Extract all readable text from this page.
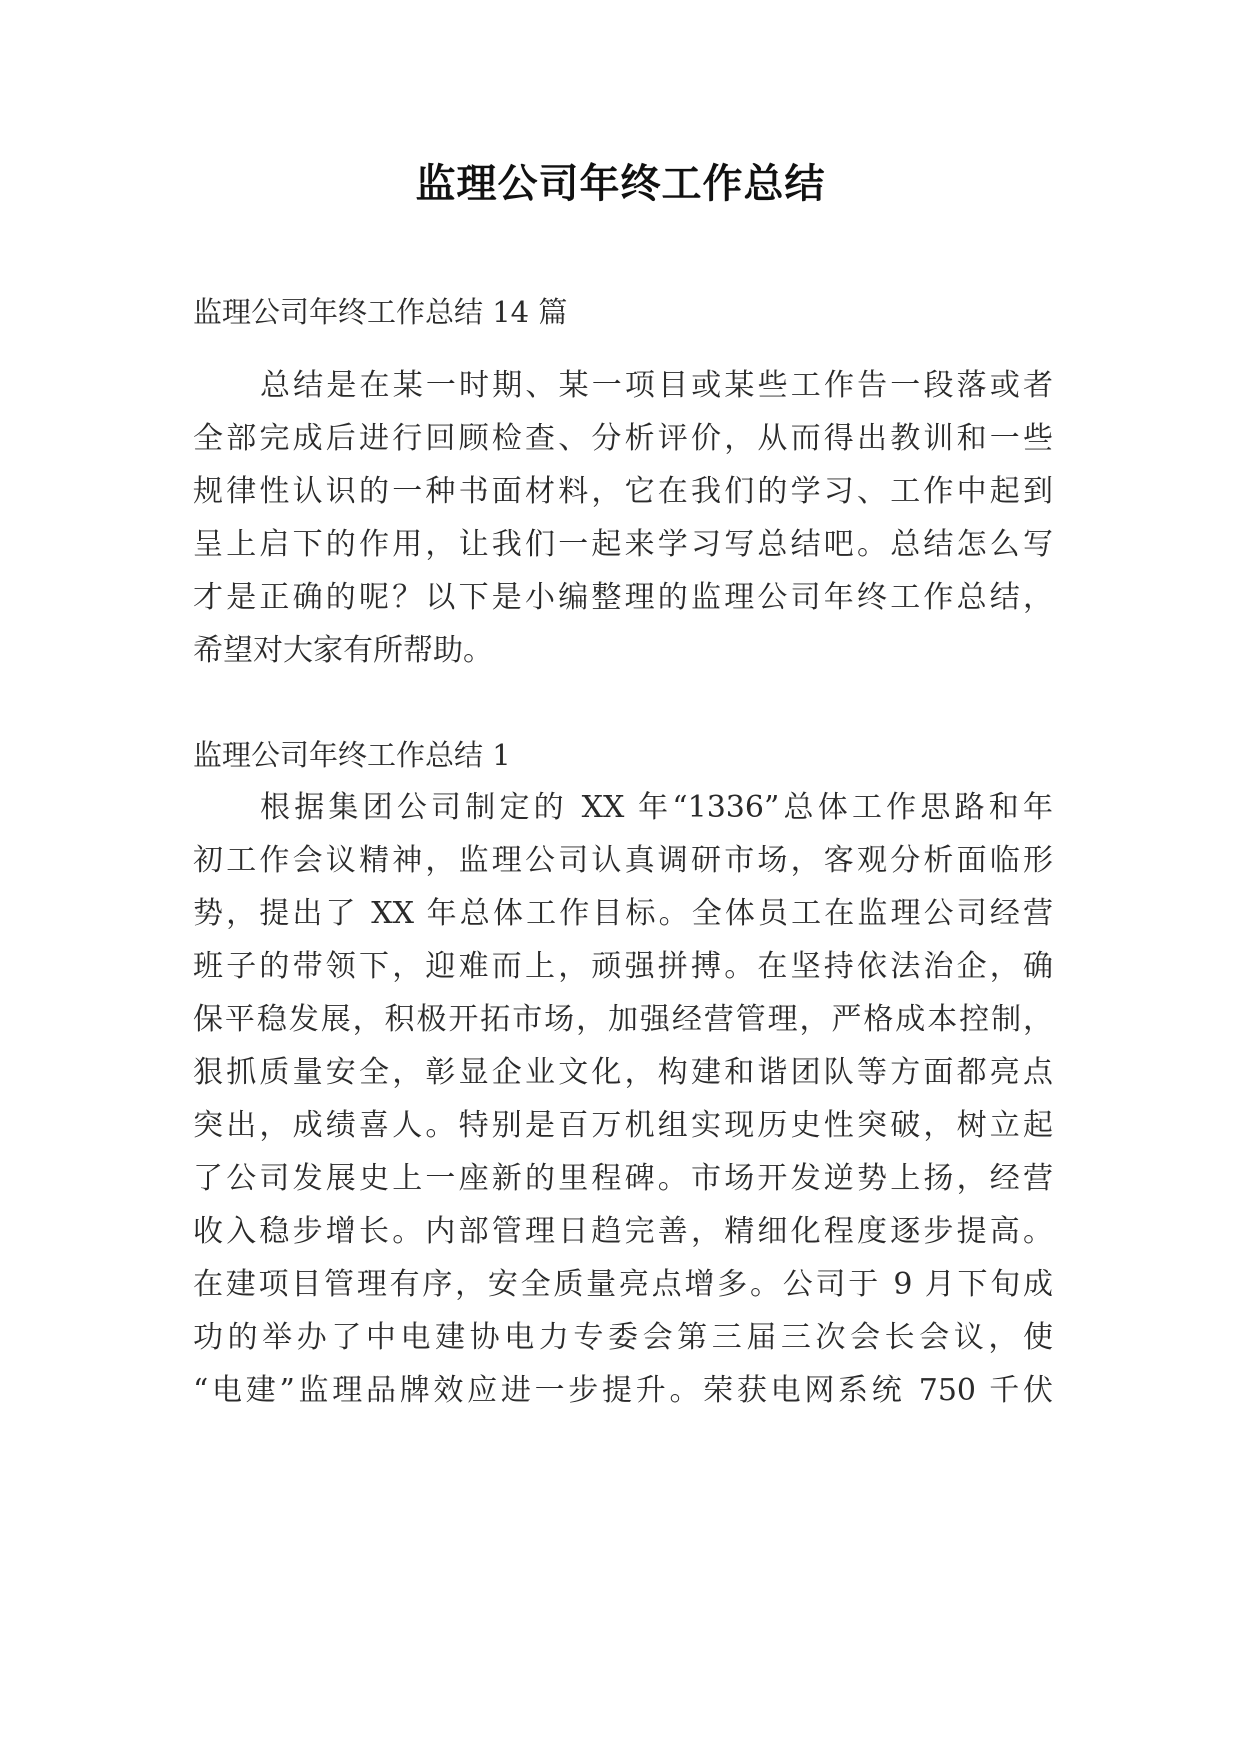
监理公司年终工作总结
监理公司年终工作总结 14 篇
总结是在某一时期、某一项目或某些工作告一段落或者
全部完成后进行回顾检查、分析评价，从而得出教训和一些
规律性认识的一种书面材料，它在我们的学习、工作中起到
呈上启下的作用，让我们一起来学习写总结吧。总结怎么写
才是正确的呢？以下是小编整理的监理公司年终工作总结，
希望对大家有所帮助。
监理公司年终工作总结 1
根据集团公司制定的 XX 年“1336”总体工作思路和年
初工作会议精神，监理公司认真调研市场，客观分析面临形
势，提出了 XX 年总体工作目标。全体员工在监理公司经营
班子的带领下，迎难而上，顽强拼搏。在坚持依法治企，确
保平稳发展，积极开拓市场，加强经营管理，严格成本控制，
狠抓质量安全，彰显企业文化，构建和谐团队等方面都亮点
突出，成绩喜人。特别是百万机组实现历史性突破，树立起
了公司发展史上一座新的里程碑。市场开发逆势上扬，经营
收入稳步增长。内部管理日趋完善，精细化程度逐步提高。
在建项目管理有序，安全质量亮点增多。公司于 9 月下旬成
功的举办了中电建协电力专委会第三届三次会长会议，使
“电建”监理品牌效应进一步提升。荣获电网系统 750 千伏
